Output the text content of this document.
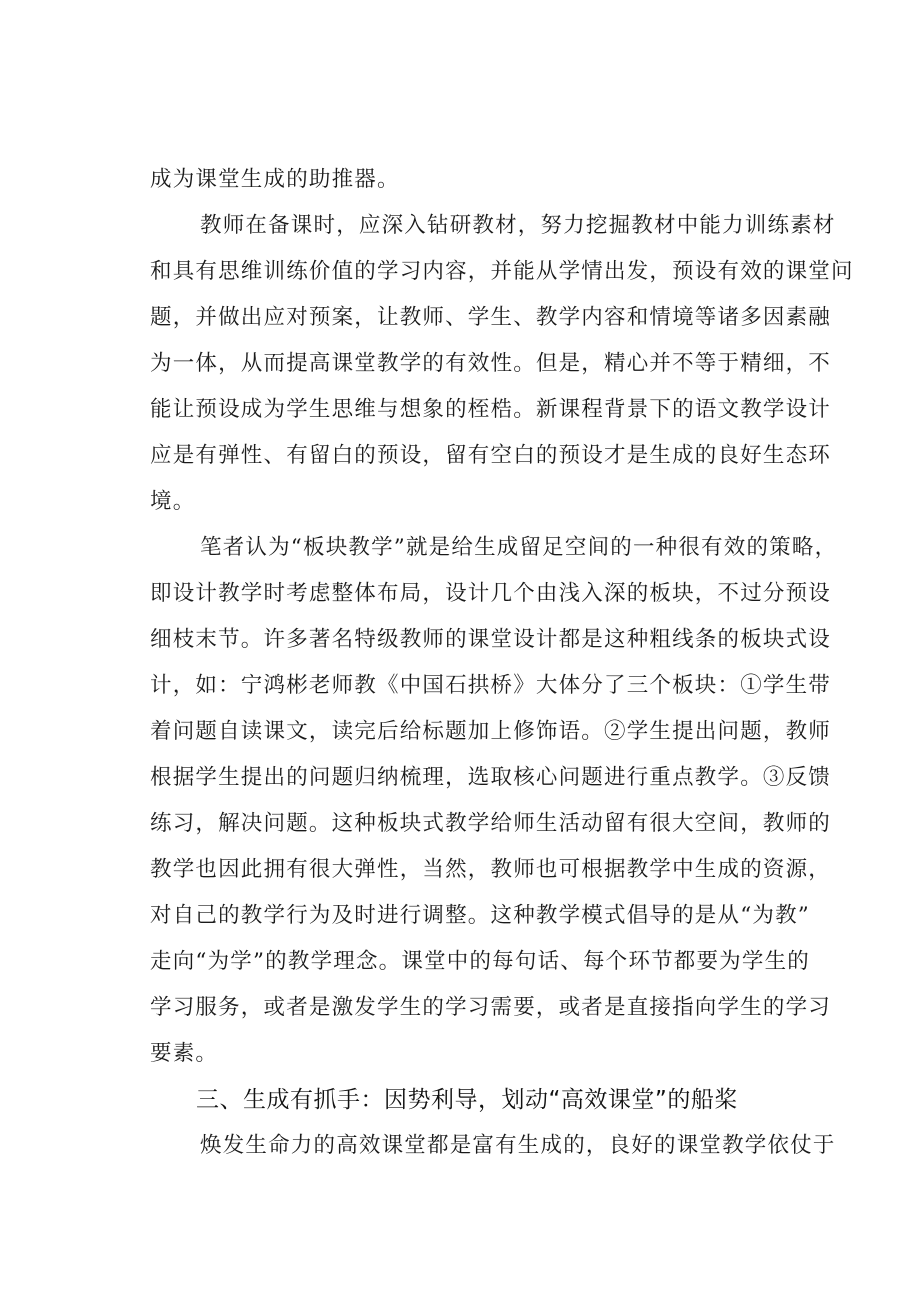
成为课堂生成的助推器。
教师在备课时，应深入钻研教材，努力挖掘教材中能力训练素材
和具有思维训练价值的学习内容，并能从学情出发，预设有效的课堂问
题，并做出应对预案，让教师、学生、教学内容和情境等诸多因素融
为一体，从而提高课堂教学的有效性。但是，精心并不等于精细，不
能让预设成为学生思维与想象的桎梏。新课程背景下的语文教学设计
应是有弹性、有留白的预设，留有空白的预设才是生成的良好生态环
境。
笔者认为“板块教学”就是给生成留足空间的一种很有效的策略，
即设计教学时考虑整体布局，设计几个由浅入深的板块，不过分预设
细枝末节。许多著名特级教师的课堂设计都是这种粗线条的板块式设
计，如：宁鸿彬老师教《中国石拱桥》大体分了三个板块：①学生带
着问题自读课文，读完后给标题加上修饰语。②学生提出问题，教师
根据学生提出的问题归纳梳理，选取核心问题进行重点教学。③反馈
练习，解决问题。这种板块式教学给师生活动留有很大空间，教师的
教学也因此拥有很大弹性，当然，教师也可根据教学中生成的资源，
对自己的教学行为及时进行调整。这种教学模式倡导的是从“为教”
走向“为学”的教学理念。课堂中的每句话、每个环节都要为学生的
学习服务，或者是激发学生的学习需要，或者是直接指向学生的学习
要素。
三、生成有抓手：因势利导，划动“高效课堂”的船桨
焕发生命力的高效课堂都是富有生成的，良好的课堂教学依仗于
